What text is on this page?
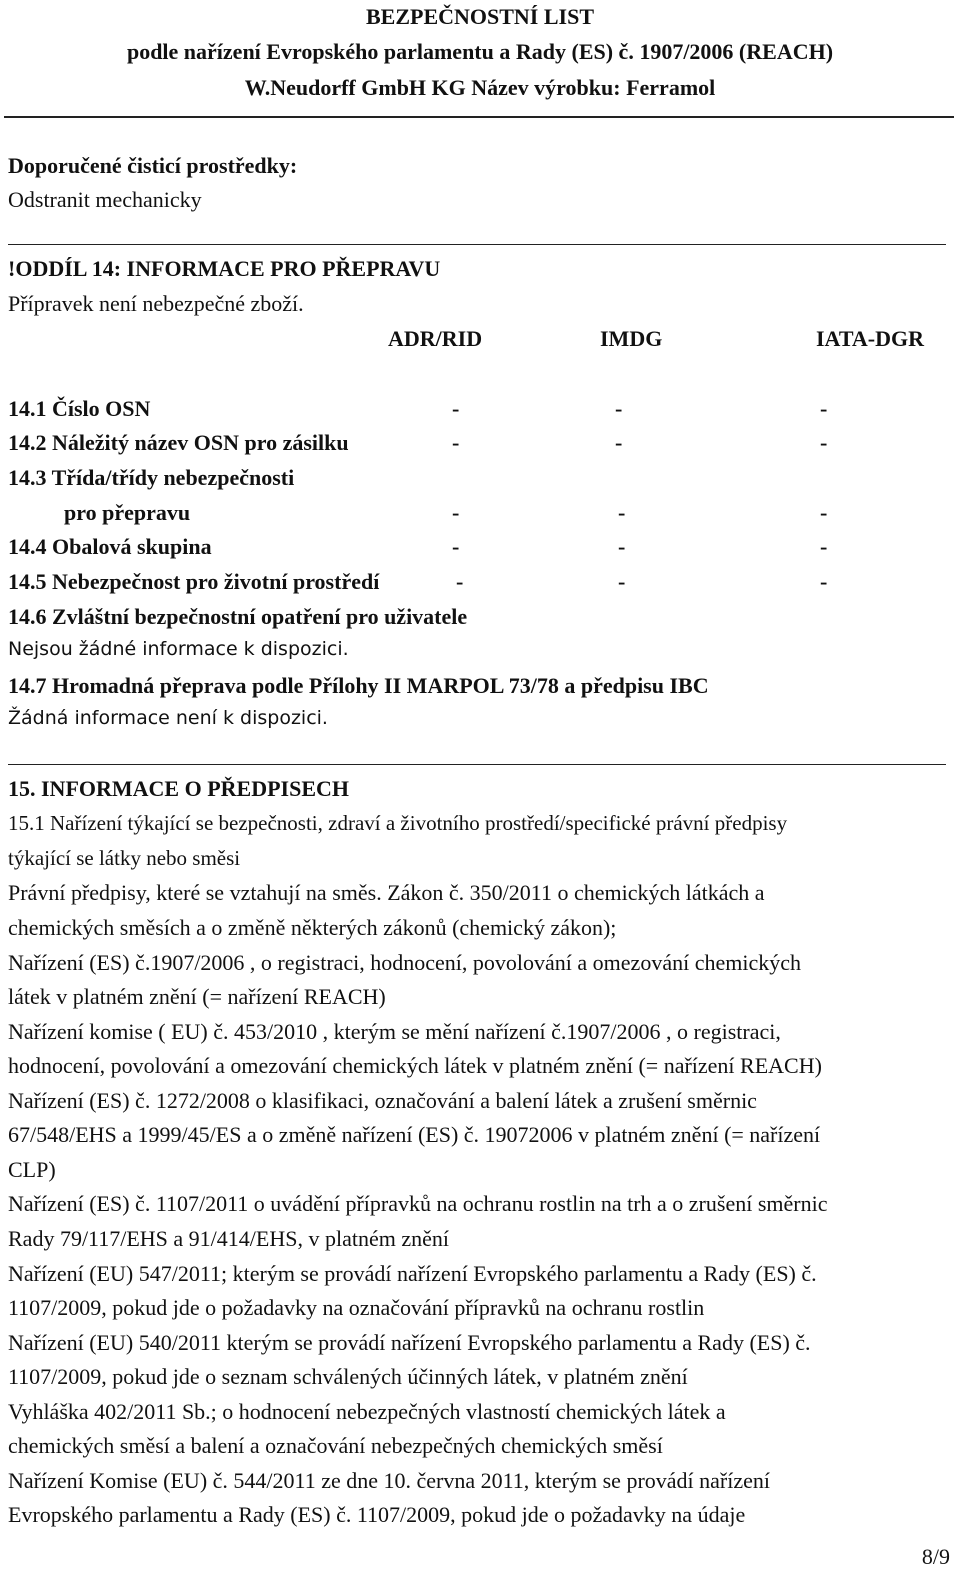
BEZPEČNOSTNÍ LIST
podle nařízení Evropského parlamentu a Rady (ES) č. 1907/2006 (REACH)
W.Neudorff GmbH KG Název výrobku: Ferramol
Doporučené čisticí prostředky:
Odstranit mechanicky
!ODDÍL 14: INFORMACE PRO PŘEPRAVU
Přípravek není nebezpečné zboží.
ADR/RID	IMDG	IATA-DGR
14.1 Číslo OSN	-	-	-
14.2 Náležitý název OSN pro zásilku	-	-	-
14.3 Třída/třídy nebezpečnosti
pro přepravu	-	-	-
14.4 Obalová skupina	-	-	-
14.5 Nebezpečnost pro životní prostředí	-	-	-
14.6 Zvláštní bezpečnostní opatření pro uživatele
Nejsou žádné informace k dispozici.
14.7 Hromadná přeprava podle Přílohy II MARPOL 73/78 a předpisu IBC
Žádná informace není k dispozici.
15. INFORMACE O PŘEDPISECH
15.1 Nařízení týkající se bezpečnosti, zdraví a životního prostředí/specifické právní předpisy
týkající se látky nebo směsi
Právní předpisy, které se vztahují na směs. Zákon č. 350/2011 o chemických látkách a
chemických směsích a o změně některých zákonů (chemický zákon);
Nařízení (ES) č.1907/2006 , o registraci, hodnocení, povolování a omezování chemických
látek v platném znění (= nařízení REACH)
Nařízení komise ( EU) č. 453/2010 , kterým se mění nařízení č.1907/2006 , o registraci,
hodnocení, povolování a omezování chemických látek v platném znění (= nařízení REACH)
Nařízení (ES) č. 1272/2008 o klasifikaci, označování a balení látek a zrušení směrnic
67/548/EHS a 1999/45/ES a o změně nařízení (ES) č. 19072006 v platném znění (= nařízení
CLP)
Nařízení (ES) č. 1107/2011 o uvádění přípravků na ochranu rostlin na trh a o zrušení směrnic
Rady 79/117/EHS a 91/414/EHS, v platném znění
Nařízení (EU) 547/2011; kterým se provádí nařízení Evropského parlamentu a Rady (ES) č.
1107/2009, pokud jde o požadavky na označování přípravků na ochranu rostlin
Nařízení (EU) 540/2011 kterým se provádí nařízení Evropského parlamentu a Rady (ES) č.
1107/2009, pokud jde o seznam schválených účinných látek, v platném znění
Vyhláška 402/2011 Sb.; o hodnocení nebezpečných vlastností chemických látek a
chemických směsí a balení a označování nebezpečných chemických směsí
Nařízení Komise (EU) č. 544/2011 ze dne 10. června 2011, kterým se provádí nařízení
Evropského parlamentu a Rady (ES) č. 1107/2009, pokud jde o požadavky na údaje
8/9
